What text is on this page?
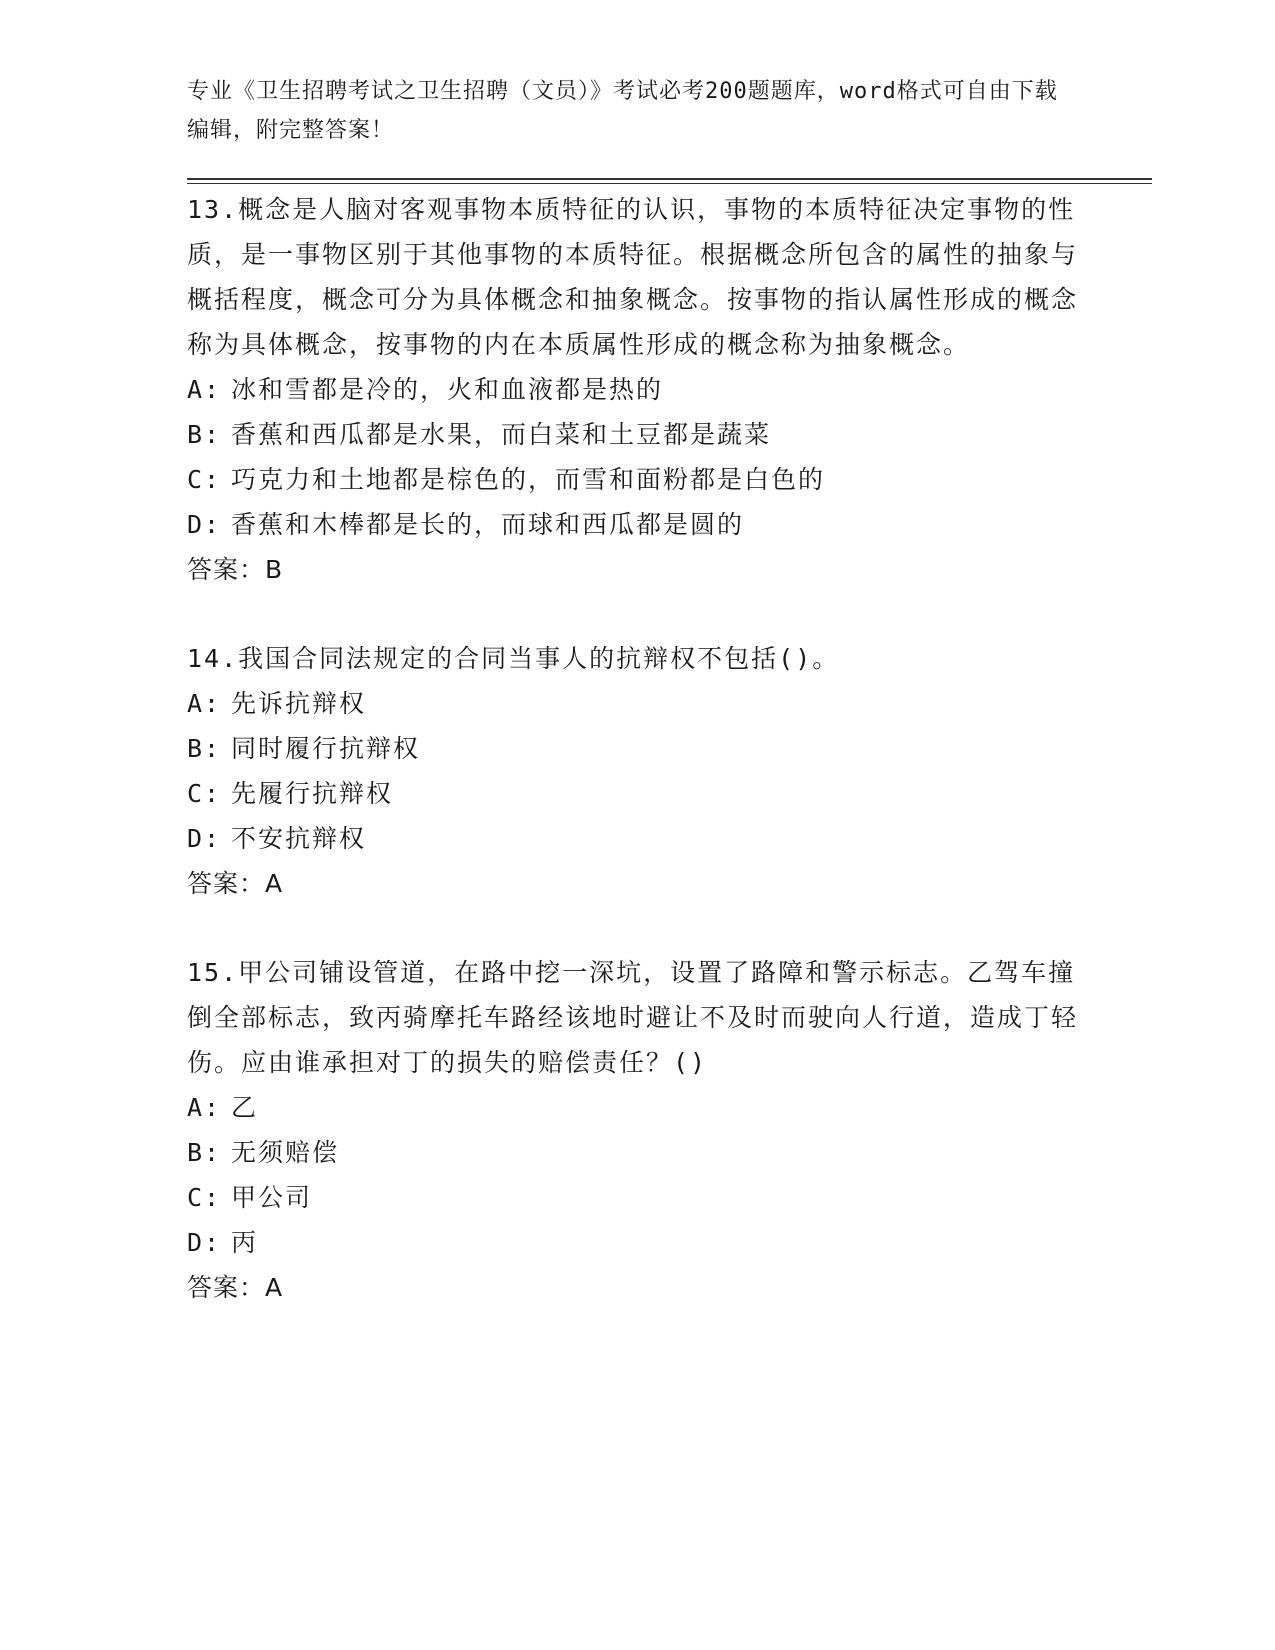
专业《卫生招聘考试之卫生招聘（文员）》考试必考200题题库，word格式可自由下载编辑，附完整答案！

13.概念是人脑对客观事物本质特征的认识，事物的本质特征决定事物的性质，是一事物区别于其他事物的本质特征。根据概念所包含的属性的抽象与概括程度，概念可分为具体概念和抽象概念。按事物的指认属性形成的概念称为具体概念，按事物的内在本质属性形成的概念称为抽象概念。

A: 冰和雪都是冷的，火和血液都是热的
B: 香蕉和西瓜都是水果，而白菜和土豆都是蔬菜
C: 巧克力和土地都是棕色的，而雪和面粉都是白色的
D: 香蕉和木棒都是长的，而球和西瓜都是圆的

答案：B

14.我国合同法规定的合同当事人的抗辩权不包括()。

A: 先诉抗辩权
B: 同时履行抗辩权
C: 先履行抗辩权
D: 不安抗辩权

答案：A

15.甲公司铺设管道，在路中挖一深坑，设置了路障和警示标志。乙驾车撞倒全部标志，致丙骑摩托车路经该地时避让不及时而驶向人行道，造成丁轻伤。应由谁承担对丁的损失的赔偿责任？()

A: 乙
B: 无须赔偿
C: 甲公司
D: 丙

答案：A
